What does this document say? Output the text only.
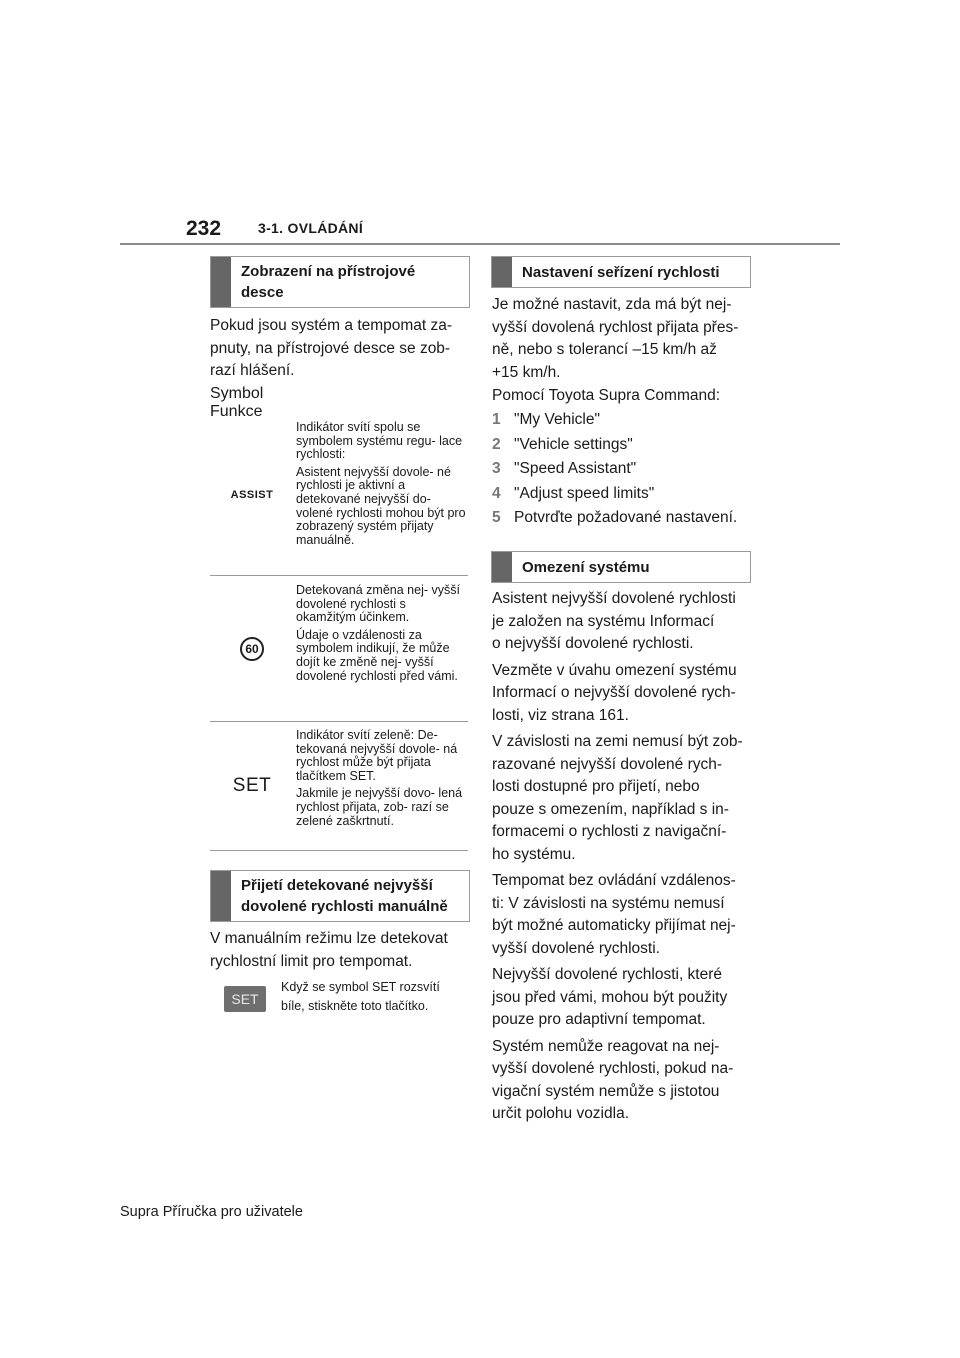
232	3-1. OVLÁDÁNÍ
Zobrazení na přístrojové desce
Pokud jsou systém a tempomat za-
pnuty, na přístrojové desce se zob-
razí hlášení.
Symbol
Funkce
ASSIST

Indikátor svítí spolu se symbolem systému regu- lace rychlosti:

Asistent nejvyšší dovole- né rychlosti je aktivní a detekované nejvyšší do- volené rychlosti mohou být pro zobrazený systém přijaty manuálně.

60

Detekovaná změna nej- vyšší dovolené rychlosti s okamžitým účinkem.

Údaje o vzdálenosti za symbolem indikují, že může dojít ke změně nej- vyšší dovolené rychlosti před vámi.

SET

Indikátor svítí zeleně: De- tekovaná nejvyšší dovole- ná rychlost může být přijata tlačítkem SET.

Jakmile je nejvyšší dovo- lená rychlost přijata, zob- razí se zelené zaškrtnutí.

Přijetí detekované nejvyšší dovolené rychlosti manuálně
V manuálním režimu lze detekovat
rychlostní limit pro tempomat.
SET
Když se symbol SET rozsvítí
bíle, stiskněte toto tlačítko.
Nastavení seřízení rychlosti
Je možné nastavit, zda má být nej-
vyšší dovolená rychlost přijata přes-
ně, nebo s tolerancí –15 km/h až
+15 km/h.
Pomocí Toyota Supra Command:
1 "My Vehicle"
2 "Vehicle settings"
3 "Speed Assistant"
4 "Adjust speed limits"
5 Potvrďte požadované nastavení.
Omezení systému
Asistent nejvyšší dovolené rychlosti
je založen na systému Informací
o nejvyšší dovolené rychlosti.
Vezměte v úvahu omezení systému
Informací o nejvyšší dovolené rych-
losti, viz strana 161.
V závislosti na zemi nemusí být zob-
razované nejvyšší dovolené rych-
losti dostupné pro přijetí, nebo
pouze s omezením, například s in-
formacemi o rychlosti z navigační-
ho systému.
Tempomat bez ovládání vzdálenos-
ti: V závislosti na systému nemusí
být možné automaticky přijímat nej-
vyšší dovolené rychlosti.
Nejvyšší dovolené rychlosti, které
jsou před vámi, mohou být použity
pouze pro adaptivní tempomat.
Systém nemůže reagovat na nej-
vyšší dovolené rychlosti, pokud na-
vigační systém nemůže s jistotou
určit polohu vozidla.
Supra Příručka pro uživatele
